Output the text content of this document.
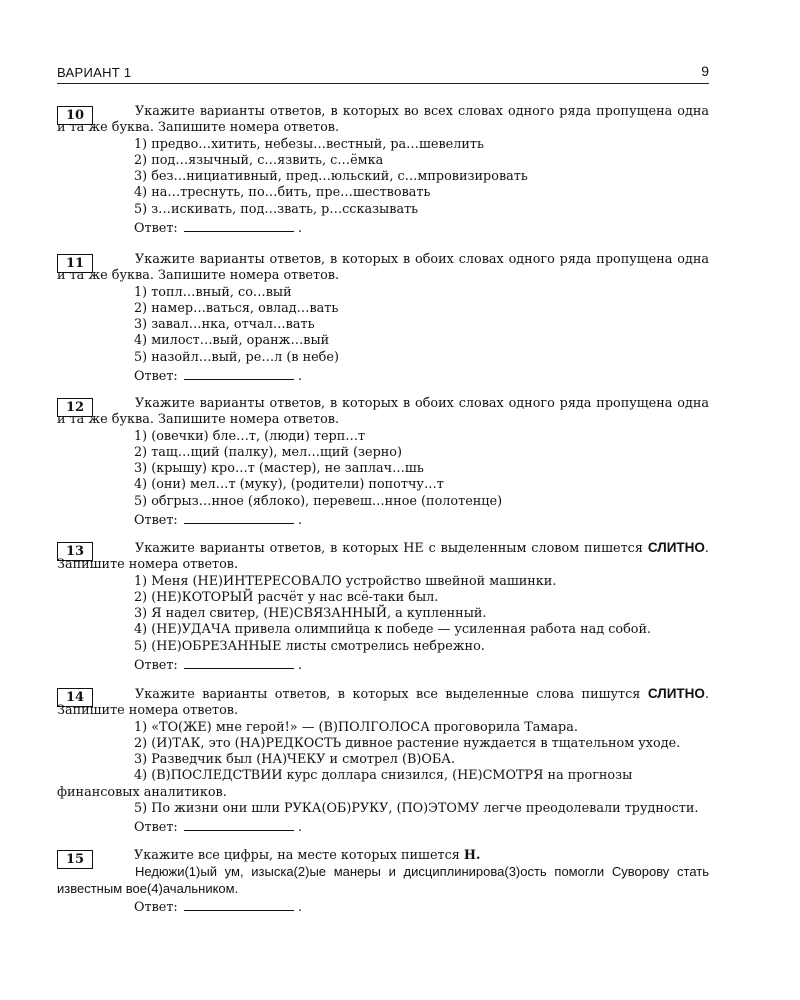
ВАРИАНТ 1	9
10	Укажите варианты ответов, в которых во всех словах одного ряда пропущена одна и та же буква. Запишите номера ответов.

1) предво…хитить, небезы…вестный, ра…шевелить

2) под…язычный, с…язвить, с…ёмка

3) без…нициативный, пред…юльский, с…мпровизировать

4) на…треснуть, по…бить, пре…шествовать

5) з…искивать, под…звать, р…ссказывать

Ответ:	.

11	Укажите варианты ответов, в которых в обоих словах одного ряда пропущена одна и та же буква. Запишите номера ответов.

1) топл…вный, со…вый

2) намер…ваться, овлад…вать

3) завал…нка, отчал…вать

4) милост…вый, оранж…вый

5) назойл…вый, ре…л (в небе)

Ответ:	.

12	Укажите варианты ответов, в которых в обоих словах одного ряда пропущена одна и та же буква. Запишите номера ответов.

1) (овечки) бле…т, (люди) терп…т

2) тащ…щий (палку), мел…щий (зерно)

3) (крышу) кро…т (мастер), не заплач…шь

4) (они) мел…т (муку), (родители) попотчу…т

5) обгрыз…нное (яблоко), перевеш…нное (полотенце)

Ответ:	.

13	Укажите варианты ответов, в которых НЕ с выделенным словом пишется СЛИТНО. Запишите номера ответов.

1) Меня (НЕ)ИНТЕРЕСОВАЛО устройство швейной машинки.

2) (НЕ)КОТОРЫЙ расчёт у нас всё-таки был.

3) Я надел свитер, (НЕ)СВЯЗАННЫЙ, а купленный.

4) (НЕ)УДАЧА привела олимпийца к победе — усиленная работа над собой.

5) (НЕ)ОБРЕЗАННЫЕ листы смотрелись небрежно.

Ответ:	.

14	Укажите варианты ответов, в которых все выделенные слова пишутся СЛИТНО. Запишите номера ответов.

1) «ТО(ЖЕ) мне герой!» — (В)ПОЛГОЛОСА проговорила Тамара.

2) (И)ТАК, это (НА)РЕДКОСТЬ дивное растение нуждается в тщательном уходе.

3) Разведчик был (НА)ЧЕКУ и смотрел (В)ОБА.

4) (В)ПОСЛЕДСТВИИ курс доллара снизился, (НЕ)СМОТРЯ на прогнозы финансовых аналитиков.

5) По жизни они шли РУКА(ОБ)РУКУ, (ПО)ЭТОМУ легче преодолевали трудности.

Ответ:	.

15	Укажите все цифры, на месте которых пишется Н.

Недюжи(1)ый ум, изыска(2)ые манеры и дисциплинирова(3)ость помогли Суворову стать известным вое(4)ачальником.

Ответ:	.
